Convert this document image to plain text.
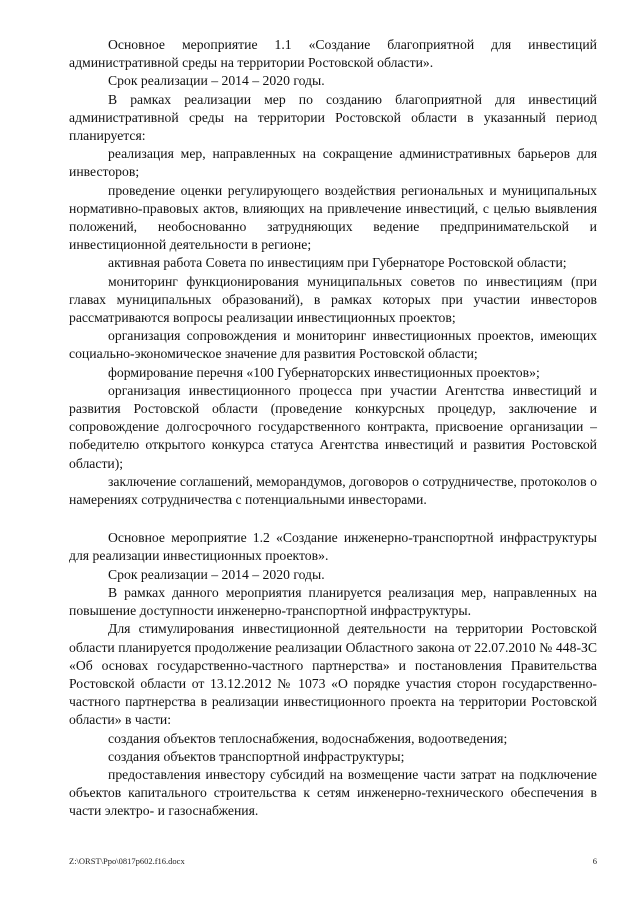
Основное мероприятие 1.1 «Создание благоприятной для инвестиций административной среды на территории Ростовской области».

Срок реализации – 2014 – 2020 годы.

В рамках реализации мер по созданию благоприятной для инвестиций административной среды на территории Ростовской области в указанный период планируется:

реализация мер, направленных на сокращение административных барьеров для инвесторов;

проведение оценки регулирующего воздействия региональных и муниципальных нормативно-правовых актов, влияющих на привлечение инвестиций, с целью выявления положений, необоснованно затрудняющих ведение предпринимательской и инвестиционной деятельности в регионе;

активная работа Совета по инвестициям при Губернаторе Ростовской области;

мониторинг функционирования муниципальных советов по инвестициям (при главах муниципальных образований), в рамках которых при участии инвесторов рассматриваются вопросы реализации инвестиционных проектов;

организация сопровождения и мониторинг инвестиционных проектов, имеющих социально-экономическое значение для развития Ростовской области;

формирование перечня «100 Губернаторских инвестиционных проектов»;

организация инвестиционного процесса при участии Агентства инвестиций и развития Ростовской области (проведение конкурсных процедур, заключение и сопровождение долгосрочного государственного контракта, присвоение организации – победителю открытого конкурса статуса Агентства инвестиций и развития Ростовской области);

заключение соглашений, меморандумов, договоров о сотрудничестве, протоколов о намерениях сотрудничества с потенциальными инвесторами.

Основное мероприятие 1.2 «Создание инженерно-транспортной инфраструктуры для реализации инвестиционных проектов».

Срок реализации – 2014 – 2020 годы.

В рамках данного мероприятия планируется реализация мер, направленных на повышение доступности инженерно-транспортной инфраструктуры.

Для стимулирования инвестиционной деятельности на территории Ростовской области планируется продолжение реализации Областного закона от 22.07.2010 № 448-ЗС «Об основах государственно-частного партнерства» и постановления Правительства Ростовской области от 13.12.2012 № 1073 «О порядке участия сторон государственно-частного партнерства в реализации инвестиционного проекта на территории Ростовской области» в части:

создания объектов теплоснабжения, водоснабжения, водоотведения;

создания объектов транспортной инфраструктуры;

предоставления инвестору субсидий на возмещение части затрат на подключение объектов капитального строительства к сетям инженерно-технического обеспечения в части электро- и газоснабжения.

Z:\ORST\Ppo\0817p602.f16.docx	6
